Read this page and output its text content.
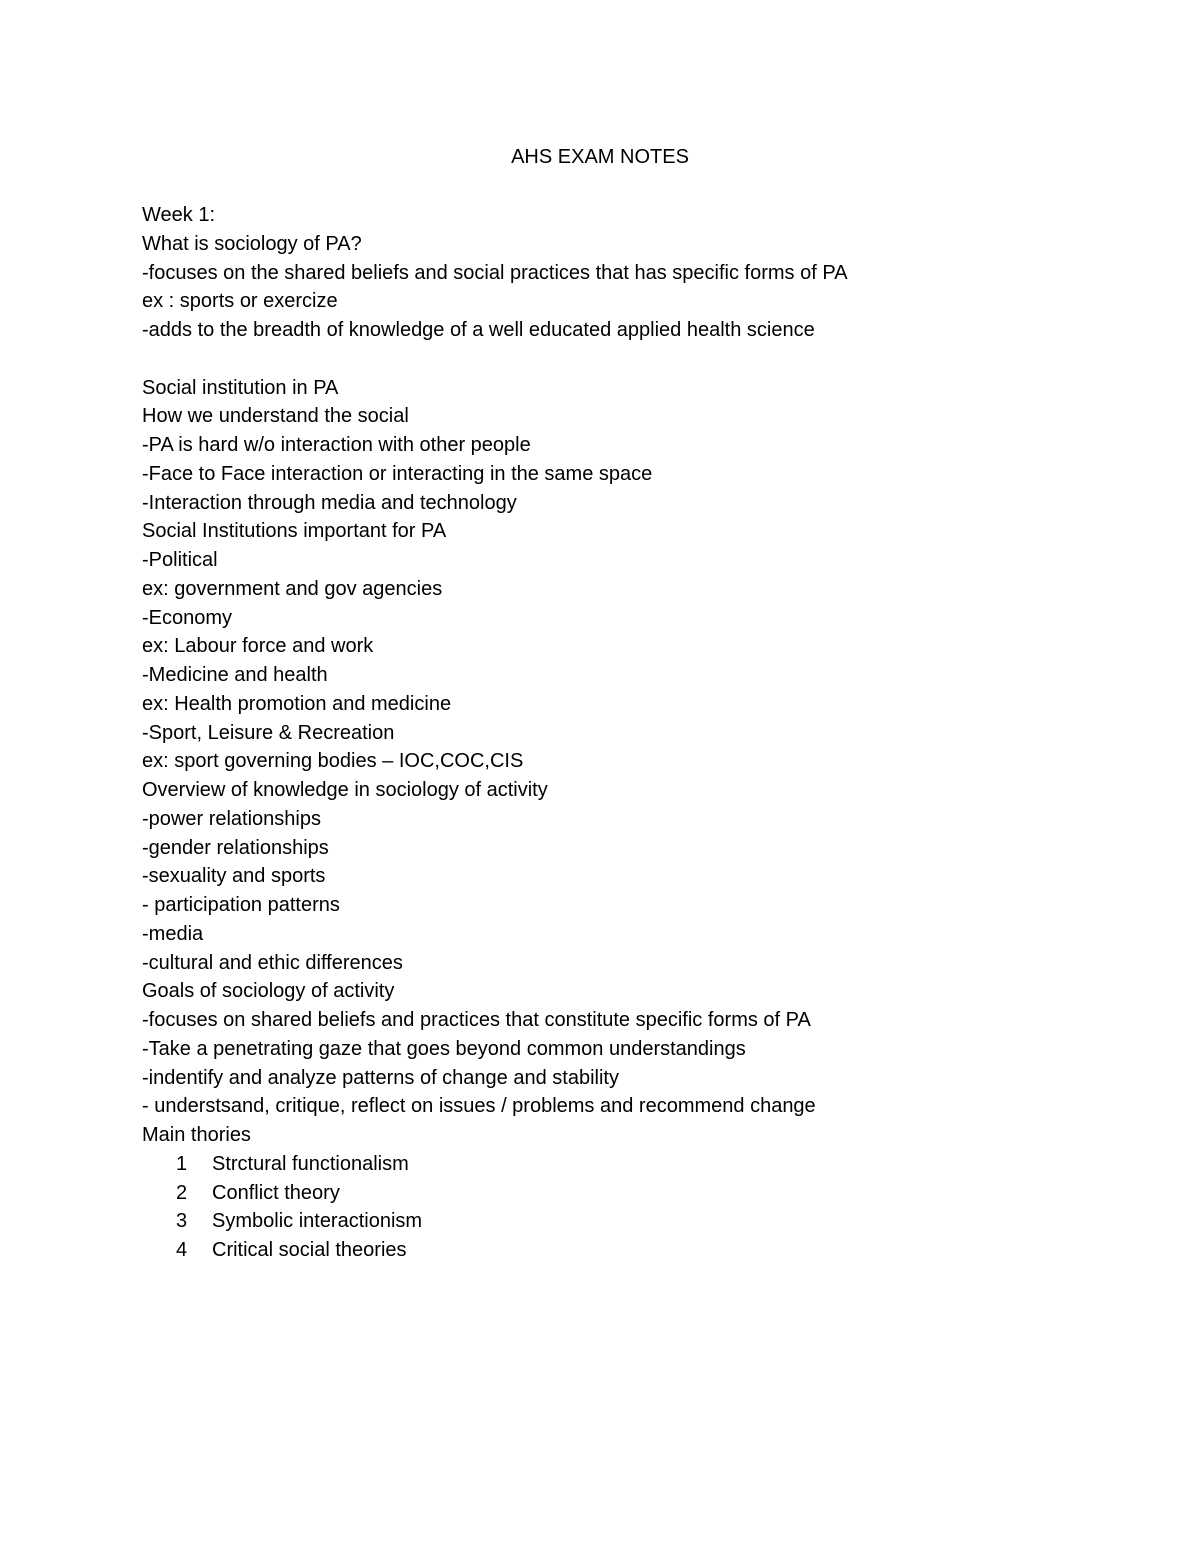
AHS EXAM NOTES
Week 1:
What is sociology of PA?
-focuses on the shared beliefs and social practices that has specific forms of PA
ex : sports or exercize
-adds to the breadth of knowledge of a well educated applied health science
Social institution in PA
How we understand the social
-PA is hard w/o interaction with other people
-Face to Face interaction or interacting in the same space
-Interaction through media and technology
Social Institutions important for PA
-Political
ex: government and gov agencies
-Economy
ex: Labour force and work
-Medicine and health
ex: Health promotion and medicine
-Sport, Leisure & Recreation
ex: sport governing bodies – IOC,COC,CIS
Overview of knowledge in sociology of activity
-power relationships
-gender relationships
-sexuality and sports
- participation patterns
-media
-cultural and ethic differences
Goals of sociology of activity
-focuses on shared beliefs and practices that constitute specific forms of PA
-Take a penetrating gaze that goes beyond common understandings
-indentify and analyze patterns of change and stability
- understsand, critique, reflect on issues / problems and recommend change
Main thories
1 Strctural functionalism
2 Conflict theory
3 Symbolic interactionism
4 Critical social theories
